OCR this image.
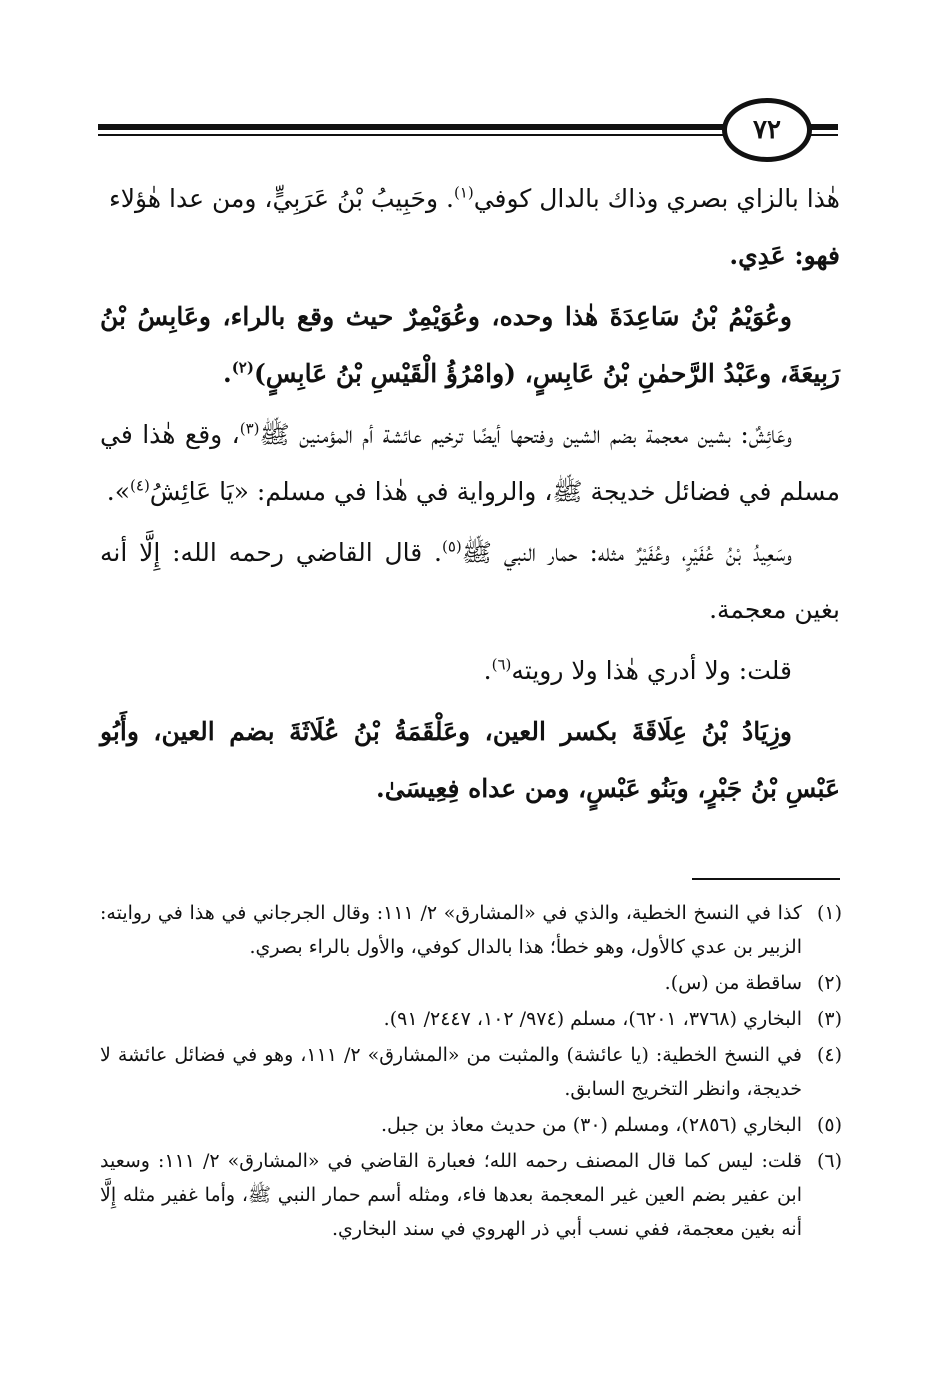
٧٢

هٰذا بالزاي بصري وذاك بالدال كوفي$^{(١)}$. وحَبِيبُ بْنُ عَرَبِيٍّ، ومن عدا هٰؤلاء
فهو: عَدِي.

وعُوَيْمُ بْنُ سَاعِدَةَ هٰذا وحده، وعُوَيْمِرٌ حيث وقع بالراء، وعَابِسُ بْنُ رَبِيعَةَ، وعَبْدُ الرَّحمٰنِ بْنُ عَابِسٍ، (وامْرُؤُ الْقَيْسِ بْنُ عَابِسٍ)$^{(٢)}$.

وعَائِشٌ: بشين معجمة بضم الشين وفتحها أيضًا ترخيم عائشة أم المؤمنين ﷺ$^{(٣)}$، وقع هٰذا في مسلم في فضائل خديجة ﷺ، والرواية في هٰذا في مسلم: «يَا عَائِشُ$^{(٤)}$».

وسَعِيدُ بْنُ عُفَيْرٍ، وعُفَيْرٌ مثله: حمار النبي ﷺ$^{(٥)}$. قال القاضي رحمه الله: إِلَّا أنه بغين معجمة.

قلت: ولا أدري هٰذا ولا رويته$^{(٦)}$.

وزِيَادُ بْنُ عِلَاقَةَ بكسر العين، وعَلْقَمَةُ بْنُ عُلَاثَةَ بضم العين، وأَبُو عَبْسِ بْنُ جَبْرٍ، وبَنُو عَبْسٍ، ومن عداه فِعِيسَىٰ.

(١)
كذا في النسخ الخطية، والذي في «المشارق» ٢/ ١١١: وقال الجرجاني في هذا في روايته: الزبير بن عدي كالأول، وهو خطأ؛ هذا بالدال كوفي، والأول بالراء بصري.
(٢)
ساقطة من (س).
(٣)
البخاري (٣٧٦٨، ٦٢٠١)، مسلم (٩٧٤/ ١٠٢، ٢٤٤٧/ ٩١).
(٤)
في النسخ الخطية: (يا عائشة) والمثبت من «المشارق» ٢/ ١١١، وهو في فضائل عائشة لا خديجة، وانظر التخريج السابق.
(٥)
البخاري (٢٨٥٦)، ومسلم (٣٠) من حديث معاذ بن جبل.
(٦)
قلت: ليس كما قال المصنف رحمه الله؛ فعبارة القاضي في «المشارق» ٢/ ١١١: وسعيد ابن عفير بضم العين غير المعجمة بعدها فاء، ومثله أسم حمار النبي ﷺ، وأما غفير مثله إِلَّا أنه بغين معجمة، ففي نسب أبي ذر الهروي في سند البخاري.
